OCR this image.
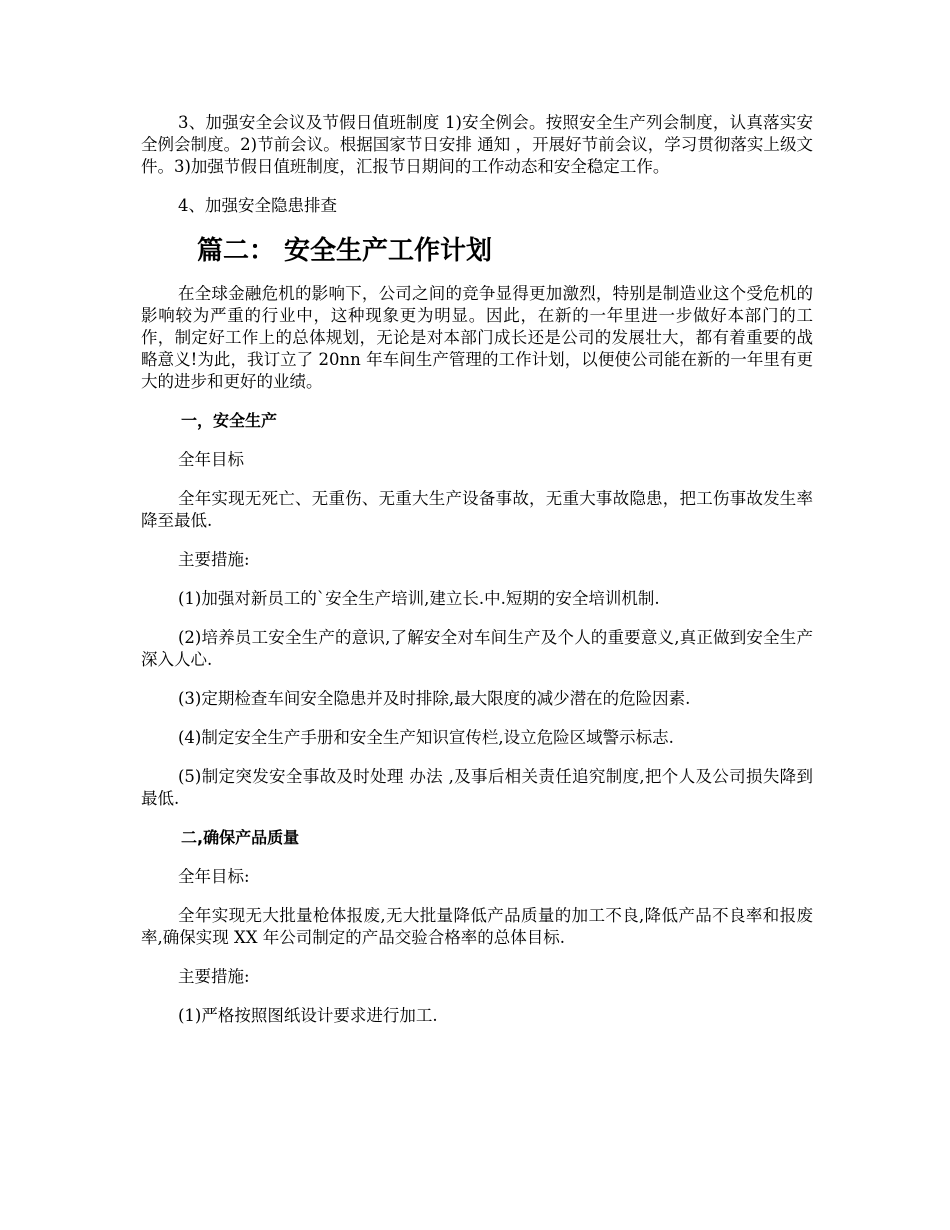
3、加强安全会议及节假日值班制度 1)安全例会。按照安全生产列会制度，认真落实安全例会制度。2)节前会议。根据国家节日安排 通知 ，开展好节前会议，学习贯彻落实上级文件。3)加强节假日值班制度，汇报节日期间的工作动态和安全稳定工作。

4、加强安全隐患排查

篇二： 安全生产工作计划

在全球金融危机的影响下，公司之间的竞争显得更加激烈，特别是制造业这个受危机的影响较为严重的行业中，这种现象更为明显。因此，在新的一年里进一步做好本部门的工作，制定好工作上的总体规划，无论是对本部门成长还是公司的发展壮大，都有着重要的战略意义!为此，我订立了 20nn 年车间生产管理的工作计划，以便使公司能在新的一年里有更大的进步和更好的业绩。

一，安全生产

全年目标

全年实现无死亡、无重伤、无重大生产设备事故，无重大事故隐患，把工伤事故发生率降至最低.

主要措施:

(1)加强对新员工的`安全生产培训,建立长.中.短期的安全培训机制.

(2)培养员工安全生产的意识,了解安全对车间生产及个人的重要意义,真正做到安全生产深入人心.

(3)定期检查车间安全隐患并及时排除,最大限度的减少潜在的危险因素.

(4)制定安全生产手册和安全生产知识宣传栏,设立危险区域警示标志.

(5)制定突发安全事故及时处理 办法 ,及事后相关责任追究制度,把个人及公司损失降到最低.

二,确保产品质量

全年目标:

全年实现无大批量枪体报废,无大批量降低产品质量的加工不良,降低产品不良率和报废率,确保实现 XX 年公司制定的产品交验合格率的总体目标.

主要措施:

(1)严格按照图纸设计要求进行加工.
